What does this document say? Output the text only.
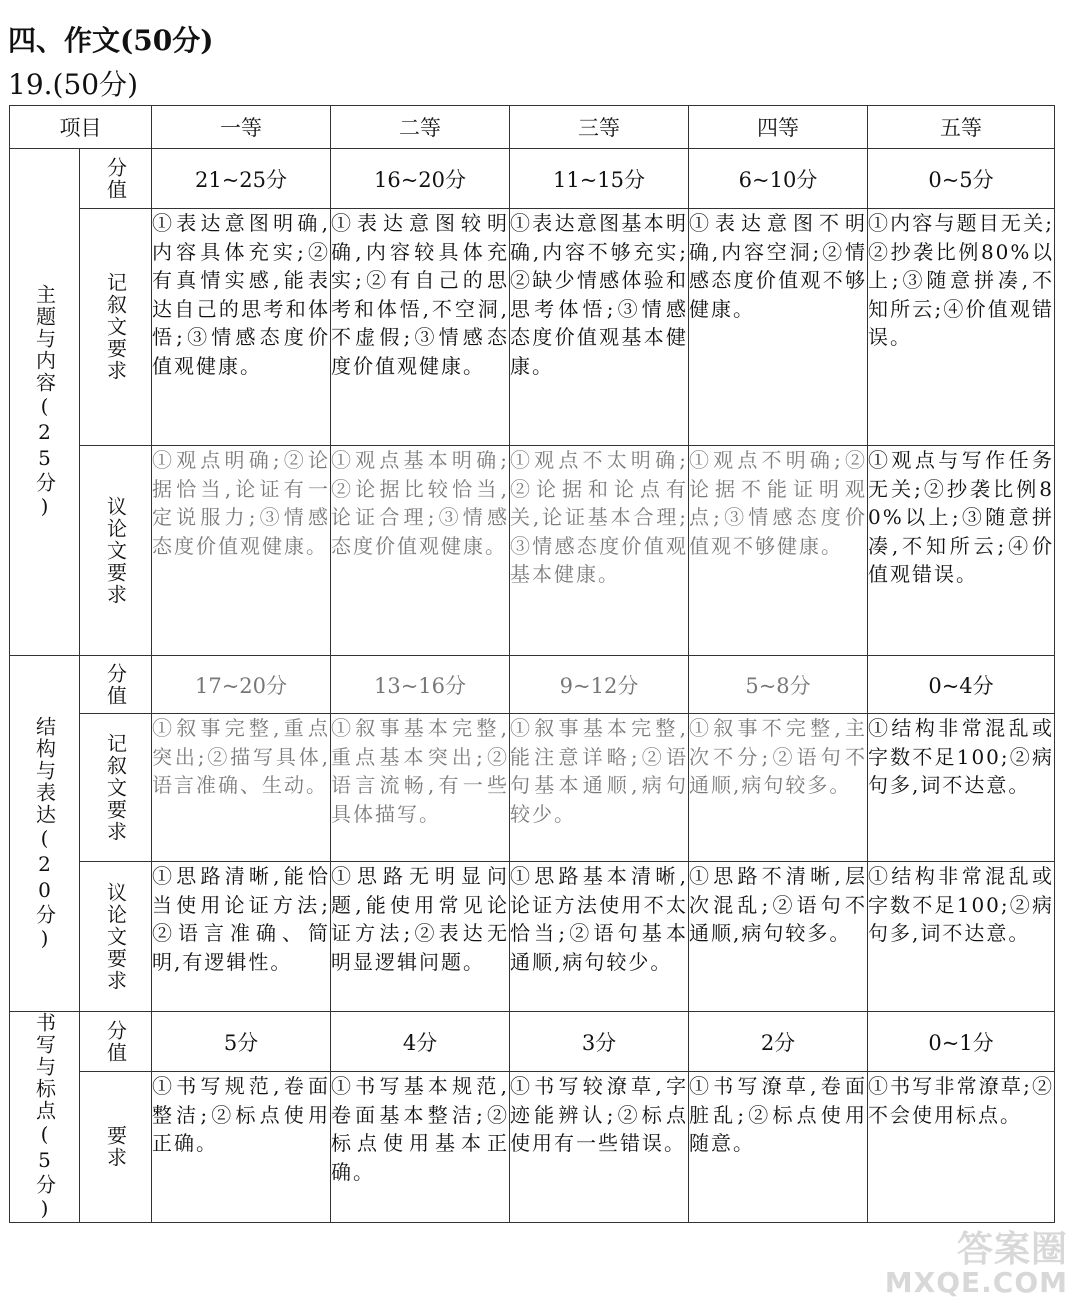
四、作文(50分)
19.(50分)
项目		一等	二等	三等	四等	五等

主题与内容(25分)	分值	21~25分	16~20分	11~15分	6~10分	0~5分

	记叙文要求	①表达意图明确,内容具体充实;②有真情实感,能表达自己的思考和体悟;③情感态度价值观健康。	①表达意图较明确,内容较具体充实;②有自己的思考和体悟,不空洞,不虚假;③情感态度价值观健康。	①表达意图基本明确,内容不够充实;②缺少情感体验和思考体悟;③情感态度价值观基本健康。	①表达意图不明确,内容空洞;②情感态度价值观不够健康。	①内容与题目无关;②抄袭比例80%以上;③随意拼凑,不知所云;④价值观错误。

	议论文要求	①观点明确;②论据恰当,论证有一定说服力;③情感态度价值观健康。	①观点基本明确;②论据比较恰当,论证合理;③情感态度价值观健康。	①观点不太明确;②论据和论点有关,论证基本合理;③情感态度价值观基本健康。	①观点不明确;②论据不能证明观点;③情感态度价值观不够健康。	①观点与写作任务无关;②抄袭比例80%以上;③随意拼凑,不知所云;④价值观错误。

结构与表达(20分)	分值	17~20分	13~16分	9~12分	5~8分	0~4分

	记叙文要求	①叙事完整,重点突出;②描写具体,语言准确、生动。	①叙事基本完整,重点基本突出;②语言流畅,有一些具体描写。	①叙事基本完整,能注意详略;②语句基本通顺,病句较少。	①叙事不完整,主次不分;②语句不通顺,病句较多。	①结构非常混乱或字数不足100;②病句多,词不达意。

	议论文要求	①思路清晰,能恰当使用论证方法;②语言准确、简明,有逻辑性。	①思路无明显问题,能使用常见论证方法;②表达无明显逻辑问题。	①思路基本清晰,论证方法使用不太恰当;②语句基本通顺,病句较少。	①思路不清晰,层次混乱;②语句不通顺,病句较多。	①结构非常混乱或字数不足100;②病句多,词不达意。

书写与标点(5分)	分值	5分	4分	3分	2分	0~1分

	要求	①书写规范,卷面整洁;②标点使用正确。	①书写基本规范,卷面基本整洁;②标点使用基本正确。	①书写较潦草,字迹能辨认;②标点使用有一些错误。	①书写潦草,卷面脏乱;②标点使用随意。	①书写非常潦草;②不会使用标点。
答案圈
MXQE.COM
